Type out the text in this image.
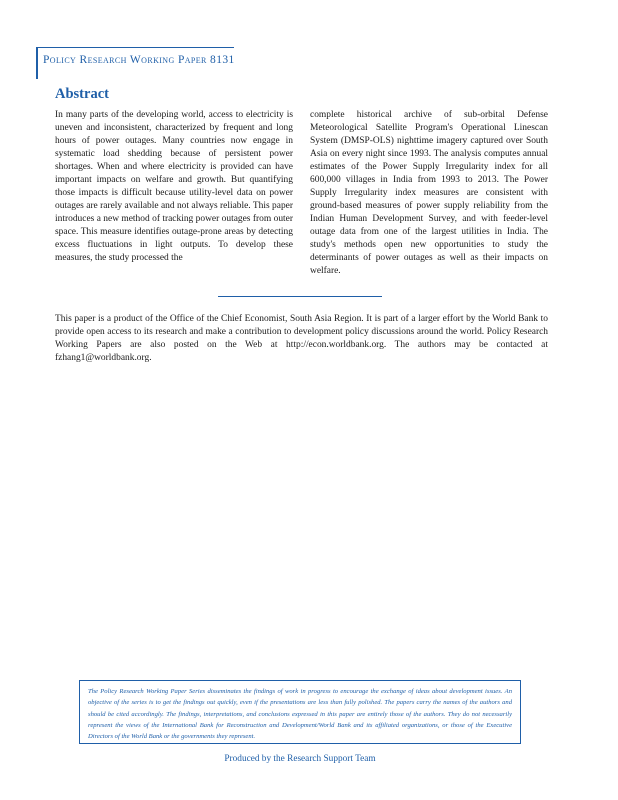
Policy Research Working Paper 8131
Abstract

In many parts of the developing world, access to electricity is uneven and inconsistent, characterized by frequent and long hours of power outages. Many countries now engage in systematic load shedding because of persistent power shortages. When and where electricity is provided can have important impacts on welfare and growth. But quantifying those impacts is difficult because utility-level data on power outages are rarely available and not always reliable. This paper introduces a new method of tracking power outages from outer space. This measure identifies outage-prone areas by detecting excess fluctuations in light outputs. To develop these measures, the study processed the

complete historical archive of sub-orbital Defense Meteorological Satellite Program's Operational Linescan System (DMSP-OLS) nighttime imagery captured over South Asia on every night since 1993. The analysis computes annual estimates of the Power Supply Irregularity index for all 600,000 villages in India from 1993 to 2013. The Power Supply Irregularity index measures are consistent with ground-based measures of power supply reliability from the Indian Human Development Survey, and with feeder-level outage data from one of the largest utilities in India. The study's methods open new opportunities to study the determinants of power outages as well as their impacts on welfare.

This paper is a product of the Office of the Chief Economist, South Asia Region. It is part of a larger effort by the World Bank to provide open access to its research and make a contribution to development policy discussions around the world. Policy Research Working Papers are also posted on the Web at http://econ.worldbank.org. The authors may be contacted at fzhang1@worldbank.org.

The Policy Research Working Paper Series disseminates the findings of work in progress to encourage the exchange of ideas about development issues. An objective of the series is to get the findings out quickly, even if the presentations are less than fully polished. The papers carry the names of the authors and should be cited accordingly. The findings, interpretations, and conclusions expressed in this paper are entirely those of the authors. They do not necessarily represent the views of the International Bank for Reconstruction and Development/World Bank and its affiliated organizations, or those of the Executive Directors of the World Bank or the governments they represent.

Produced by the Research Support Team
